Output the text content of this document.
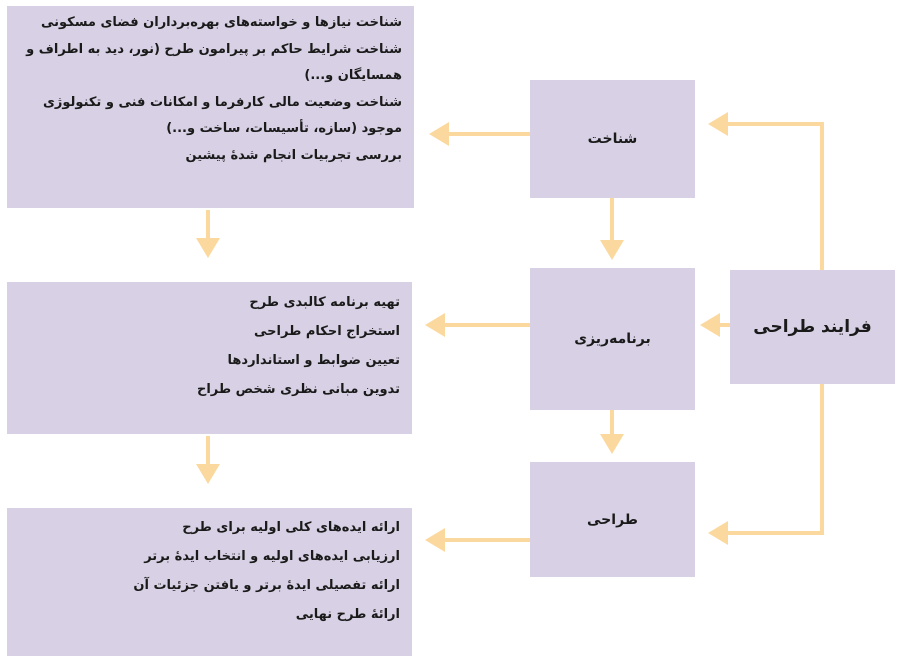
فرایند طراحی
شناخت
برنامه‌ریزی
طراحی
شناخت نیازها و خواسته‌های بهره‌برداران فضای مسکونی
شناخت شرایط حاکم بر پیرامون طرح (نور، دید به اطراف و
همسایگان و...)
شناخت وضعیت مالی کارفرما و امکانات فنی و تکنولوژی
موجود (سازه، تأسیسات، ساخت و...)
بررسی تجربیات انجام شدهٔ پیشین
تهیه برنامه کالبدی طرح
استخراج احکام طراحی
تعیین ضوابط و استانداردها
تدوین مبانی نظری شخص طراح
ارائه ایده‌های کلی اولیه برای طرح
ارزیابی ایده‌های اولیه و انتخاب ایدهٔ برتر
ارائه تفصیلی ایدهٔ برتر و یافتن جزئیات آن
ارائهٔ طرح نهایی
